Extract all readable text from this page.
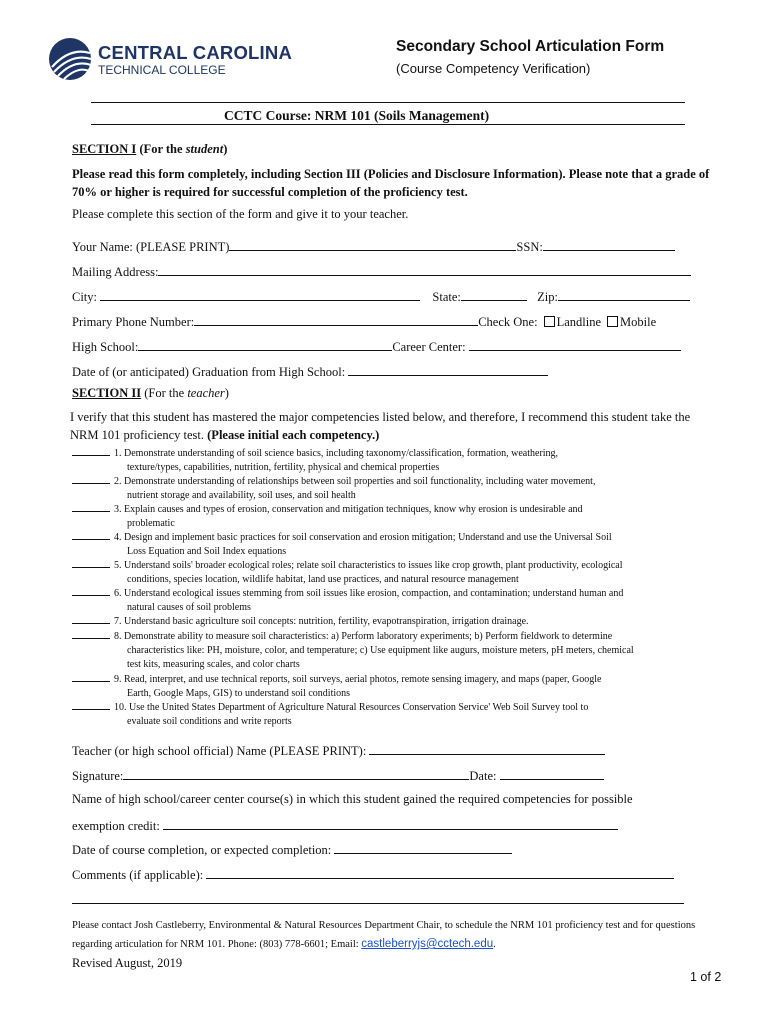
CENTRAL CAROLINA
TECHNICAL COLLEGE
Secondary School Articulation Form
(Course Competency Verification)
CCTC Course: NRM 101 (Soils Management)
SECTION I (For the student)
Please read this form completely, including Section III (Policies and Disclosure Information). Please note that a grade of 70% or higher is required for successful completion of the proficiency test.
Please complete this section of the form and give it to your teacher.
Your Name: (PLEASE PRINT)	SSN:
Mailing Address:
City:	State:	Zip:
Primary Phone Number:	Check One: Landline Mobile
High School:	Career Center:
Date of (or anticipated) Graduation from High School:
SECTION II (For the teacher)
I verify that this student has mastered the major competencies listed below, and therefore, I recommend this student take the NRM 101 proficiency test. (Please initial each competency.)
1. Demonstrate understanding of soil science basics, including taxonomy/classification, formation, weathering,
texture/types, capabilities, nutrition, fertility, physical and chemical properties
2. Demonstrate understanding of relationships between soil properties and soil functionality, including water movement,
nutrient storage and availability, soil uses, and soil health
3. Explain causes and types of erosion, conservation and mitigation techniques, know why erosion is undesirable and
problematic
4. Design and implement basic practices for soil conservation and erosion mitigation; Understand and use the Universal Soil
Loss Equation and Soil Index equations
5. Understand soils' broader ecological roles; relate soil characteristics to issues like crop growth, plant productivity, ecological
conditions, species location, wildlife habitat, land use practices, and natural resource management
6. Understand ecological issues stemming from soil issues like erosion, compaction, and contamination; understand human and
natural causes of soil problems
7. Understand basic agriculture soil concepts: nutrition, fertility, evapotranspiration, irrigation drainage.
8. Demonstrate ability to measure soil characteristics: a) Perform laboratory experiments; b) Perform fieldwork to determine
characteristics like: PH, moisture, color, and temperature; c) Use equipment like augurs, moisture meters, pH meters, chemical
test kits, measuring scales, and color charts
9. Read, interpret, and use technical reports, soil surveys, aerial photos, remote sensing imagery, and maps (paper, Google
Earth, Google Maps, GIS) to understand soil conditions
10. Use the United States Department of Agriculture Natural Resources Conservation Service' Web Soil Survey tool to
evaluate soil conditions and write reports
Teacher (or high school official) Name (PLEASE PRINT):
Signature:	Date:
Name of high school/career center course(s) in which this student gained the required competencies for possible
exemption credit:
Date of course completion, or expected completion:
Comments (if applicable):
Please contact Josh Castleberry, Environmental & Natural Resources Department Chair, to schedule the NRM 101 proficiency test and for questions regarding articulation for NRM 101. Phone: (803) 778-6601; Email: castleberryjs@cctech.edu.
Revised August, 2019
1 of 2
